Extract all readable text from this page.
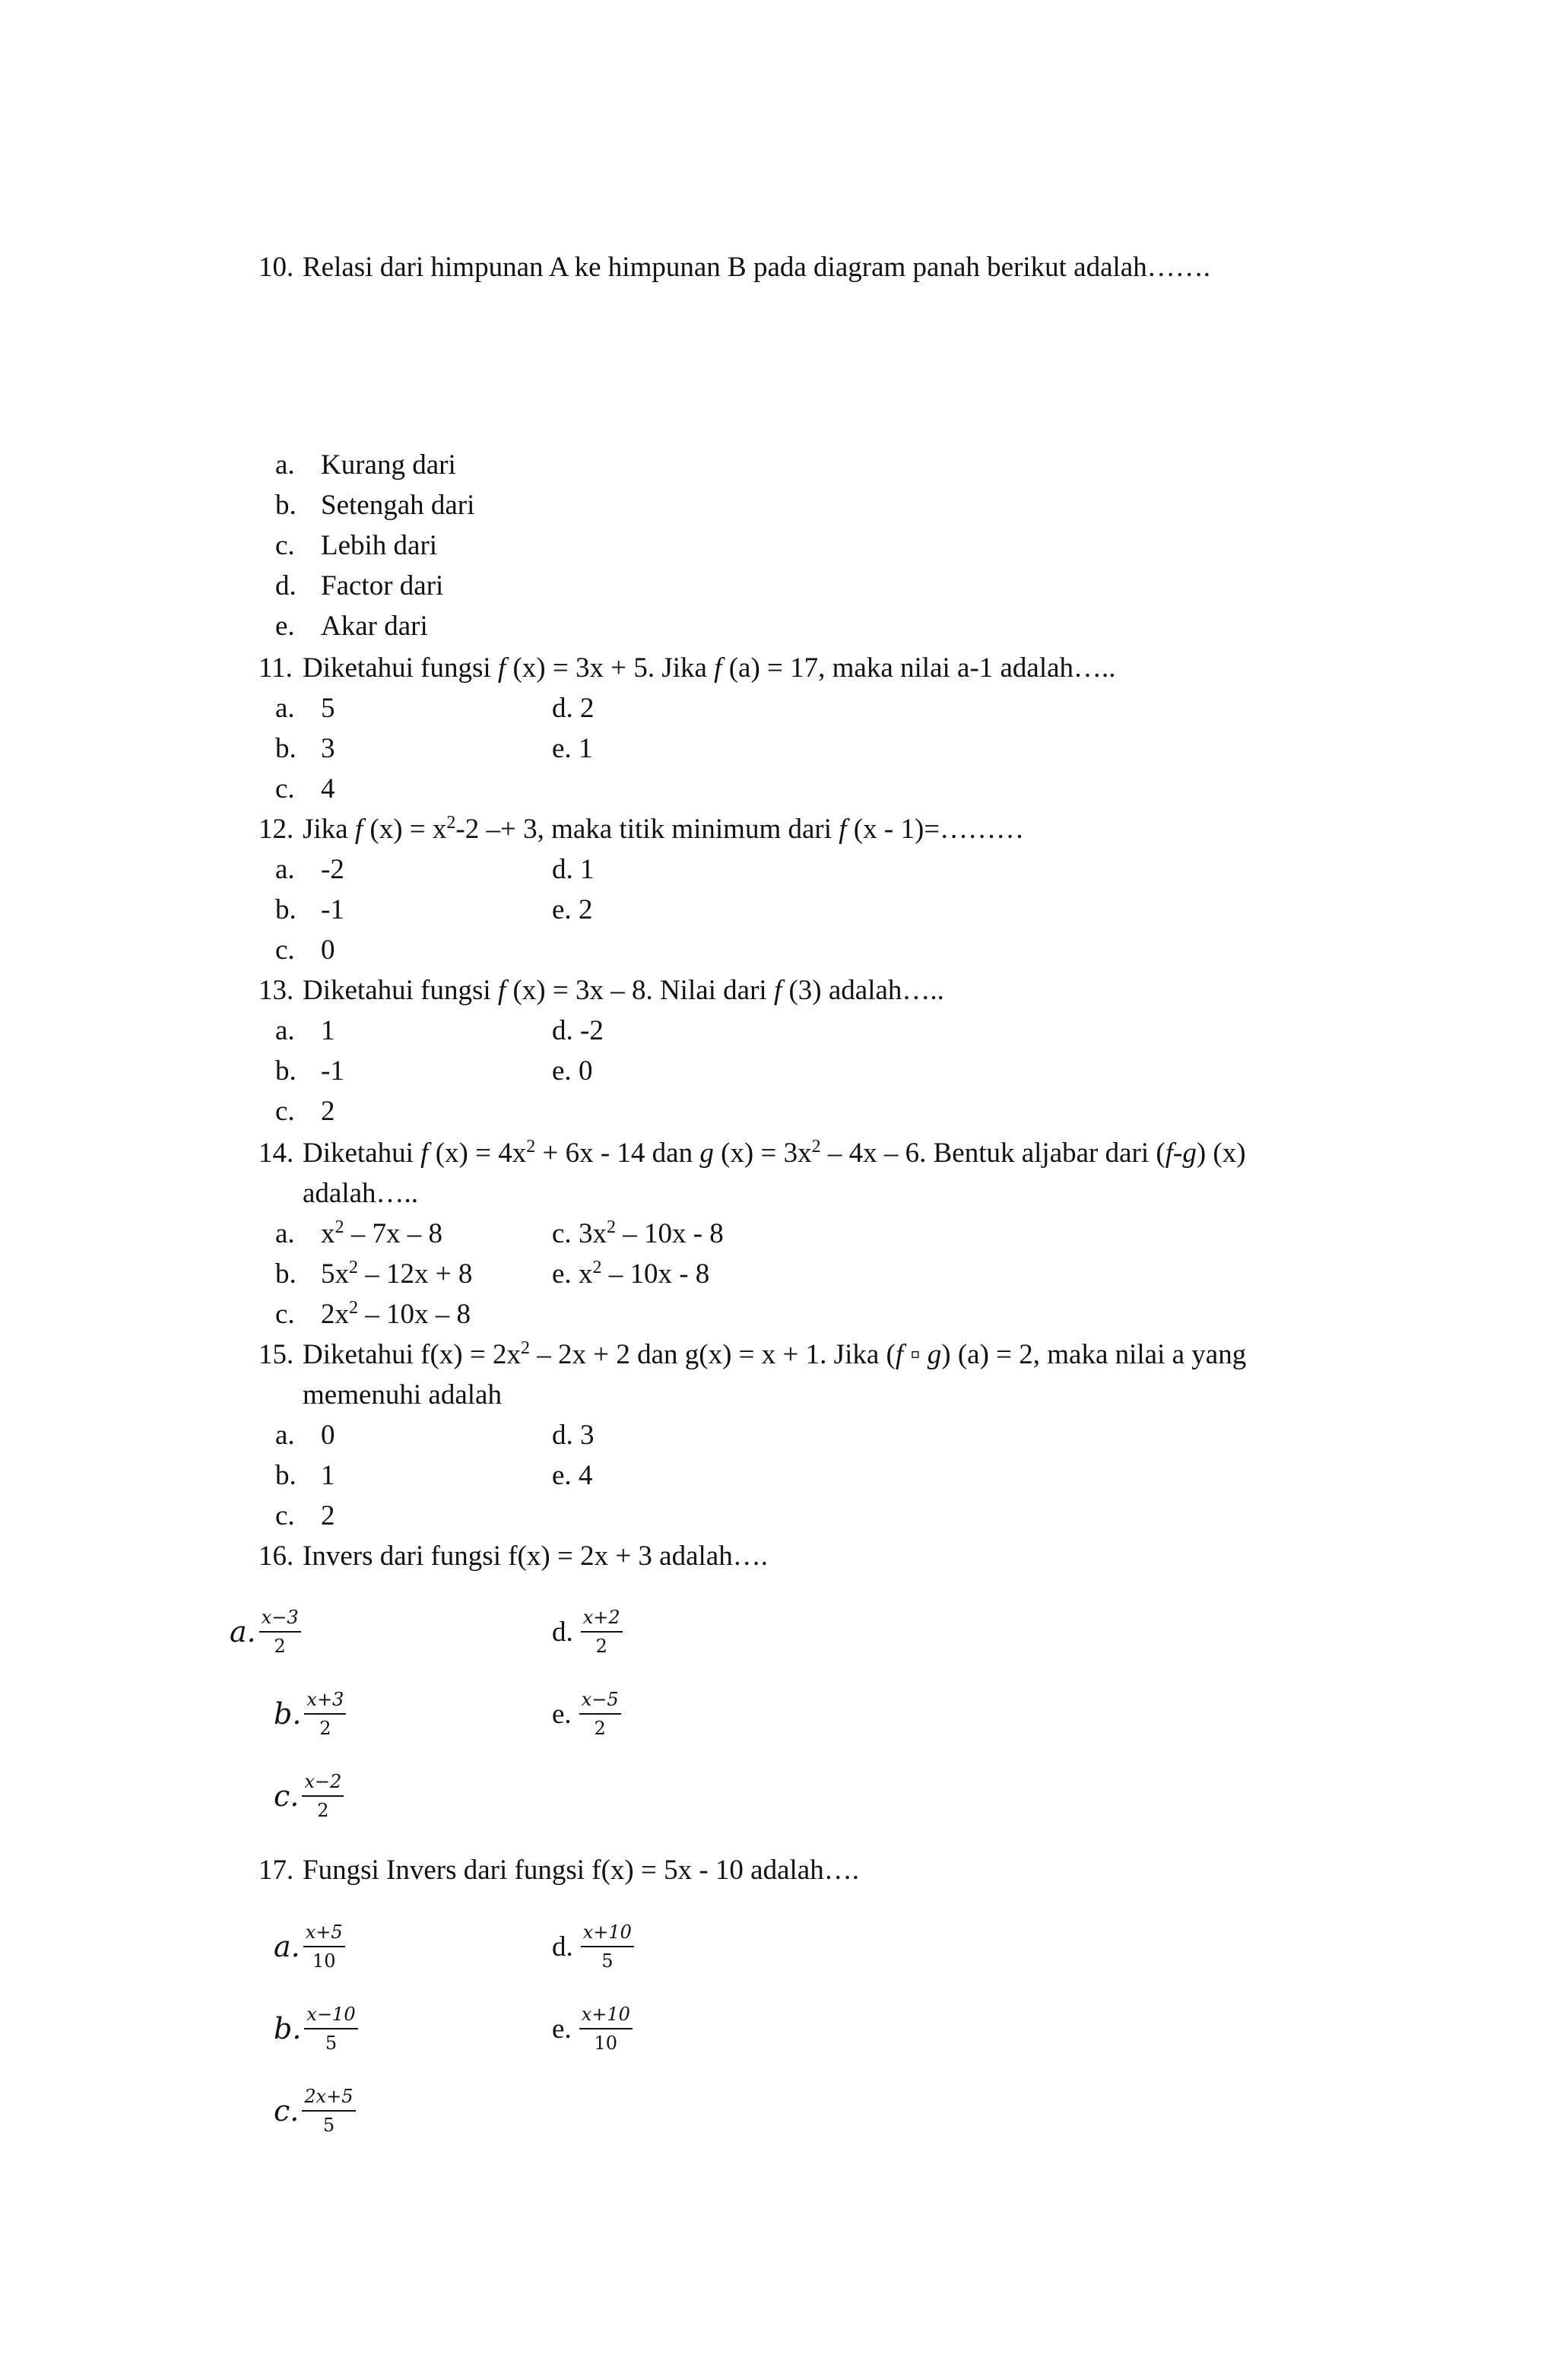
10. Relasi dari himpunan A ke himpunan B pada diagram panah berikut adalah…….
a. Kurang dari
b. Setengah dari
c. Lebih dari
d. Factor dari
e. Akar dari
11. Diketahui fungsi f (x) = 3x + 5. Jika f (a) = 17, maka nilai a-1 adalah…..
a. 5
b. 3
c. 4
d. 2
e. 1
12. Jika f $(x) = x^2-2 -+ 3$, maka titik minimum dari f (x - 1)=………
a. -2
b. -1
c. 0
d. 1
e. 2
13. Diketahui fungsi f (x) = 3x – 8. Nilai dari f (3) adalah…..
a. 1
b. -1
c. 2
d. -2
e. 0
14. Diketahui f $(x) = 4x^2 + 6x - 14$ dan g $(x) = 3x^2 - 4x - 6$. Bentuk aljabar dari (f-g) (x)
adalah…..
a. $x^2 - 7x - 8$
b. $5x^2 - 12x + 8$
c. $2x^2 - 10x - 8$
c. $3x^2 - 10x - 8$
e. $x^2 - 10x - 8$
15. Diketahui $f(x) = 2x^2 - 2x + 2$ dan g(x) = x + 1. Jika (f ▫ g) (a) = 2, maka nilai a yang
memenuhi adalah
a. 0
b. 1
c. 2
d. 3
e. 4
16. Invers dari fungsi f(x) = 2x + 3 adalah….
a. $\frac{x-3}{2}$
b. $\frac{x+3}{2}$
c. $\frac{x-2}{2}$
d. $\frac{x+2}{2}$
e. $\frac{x-5}{2}$
17. Fungsi Invers dari fungsi f(x) = 5x - 10 adalah….
a. $\frac{x+5}{10}$
b. $\frac{x-10}{5}$
c. $\frac{2x+5}{5}$
d. $\frac{x+10}{5}$
e. $\frac{x+10}{10}$
